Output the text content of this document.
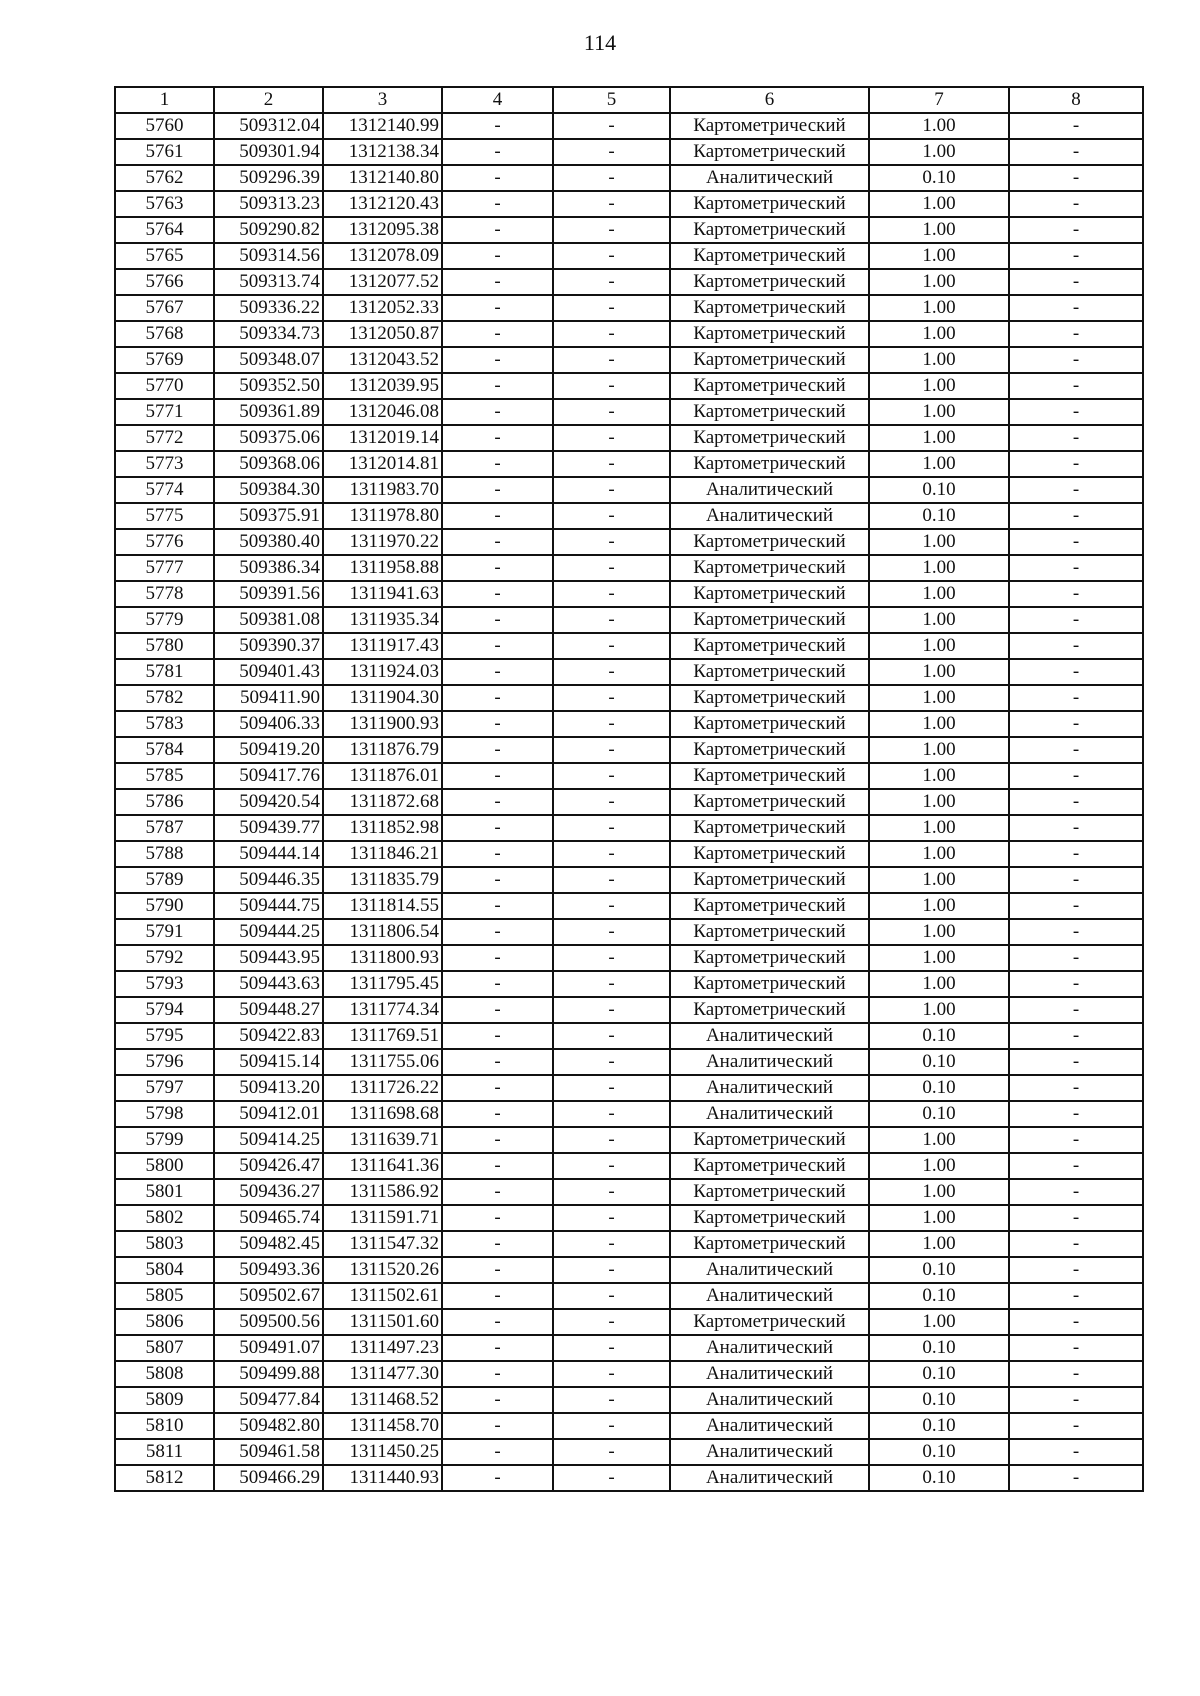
114
1	2	3	4	5	6	7	8
5760	509312.04	1312140.99	-	-	Картометрический	1.00	-
5761	509301.94	1312138.34	-	-	Картометрический	1.00	-
5762	509296.39	1312140.80	-	-	Аналитический	0.10	-
5763	509313.23	1312120.43	-	-	Картометрический	1.00	-
5764	509290.82	1312095.38	-	-	Картометрический	1.00	-
5765	509314.56	1312078.09	-	-	Картометрический	1.00	-
5766	509313.74	1312077.52	-	-	Картометрический	1.00	-
5767	509336.22	1312052.33	-	-	Картометрический	1.00	-
5768	509334.73	1312050.87	-	-	Картометрический	1.00	-
5769	509348.07	1312043.52	-	-	Картометрический	1.00	-
5770	509352.50	1312039.95	-	-	Картометрический	1.00	-
5771	509361.89	1312046.08	-	-	Картометрический	1.00	-
5772	509375.06	1312019.14	-	-	Картометрический	1.00	-
5773	509368.06	1312014.81	-	-	Картометрический	1.00	-
5774	509384.30	1311983.70	-	-	Аналитический	0.10	-
5775	509375.91	1311978.80	-	-	Аналитический	0.10	-
5776	509380.40	1311970.22	-	-	Картометрический	1.00	-
5777	509386.34	1311958.88	-	-	Картометрический	1.00	-
5778	509391.56	1311941.63	-	-	Картометрический	1.00	-
5779	509381.08	1311935.34	-	-	Картометрический	1.00	-
5780	509390.37	1311917.43	-	-	Картометрический	1.00	-
5781	509401.43	1311924.03	-	-	Картометрический	1.00	-
5782	509411.90	1311904.30	-	-	Картометрический	1.00	-
5783	509406.33	1311900.93	-	-	Картометрический	1.00	-
5784	509419.20	1311876.79	-	-	Картометрический	1.00	-
5785	509417.76	1311876.01	-	-	Картометрический	1.00	-
5786	509420.54	1311872.68	-	-	Картометрический	1.00	-
5787	509439.77	1311852.98	-	-	Картометрический	1.00	-
5788	509444.14	1311846.21	-	-	Картометрический	1.00	-
5789	509446.35	1311835.79	-	-	Картометрический	1.00	-
5790	509444.75	1311814.55	-	-	Картометрический	1.00	-
5791	509444.25	1311806.54	-	-	Картометрический	1.00	-
5792	509443.95	1311800.93	-	-	Картометрический	1.00	-
5793	509443.63	1311795.45	-	-	Картометрический	1.00	-
5794	509448.27	1311774.34	-	-	Картометрический	1.00	-
5795	509422.83	1311769.51	-	-	Аналитический	0.10	-
5796	509415.14	1311755.06	-	-	Аналитический	0.10	-
5797	509413.20	1311726.22	-	-	Аналитический	0.10	-
5798	509412.01	1311698.68	-	-	Аналитический	0.10	-
5799	509414.25	1311639.71	-	-	Картометрический	1.00	-
5800	509426.47	1311641.36	-	-	Картометрический	1.00	-
5801	509436.27	1311586.92	-	-	Картометрический	1.00	-
5802	509465.74	1311591.71	-	-	Картометрический	1.00	-
5803	509482.45	1311547.32	-	-	Картометрический	1.00	-
5804	509493.36	1311520.26	-	-	Аналитический	0.10	-
5805	509502.67	1311502.61	-	-	Аналитический	0.10	-
5806	509500.56	1311501.60	-	-	Картометрический	1.00	-
5807	509491.07	1311497.23	-	-	Аналитический	0.10	-
5808	509499.88	1311477.30	-	-	Аналитический	0.10	-
5809	509477.84	1311468.52	-	-	Аналитический	0.10	-
5810	509482.80	1311458.70	-	-	Аналитический	0.10	-
5811	509461.58	1311450.25	-	-	Аналитический	0.10	-
5812	509466.29	1311440.93	-	-	Аналитический	0.10	-
